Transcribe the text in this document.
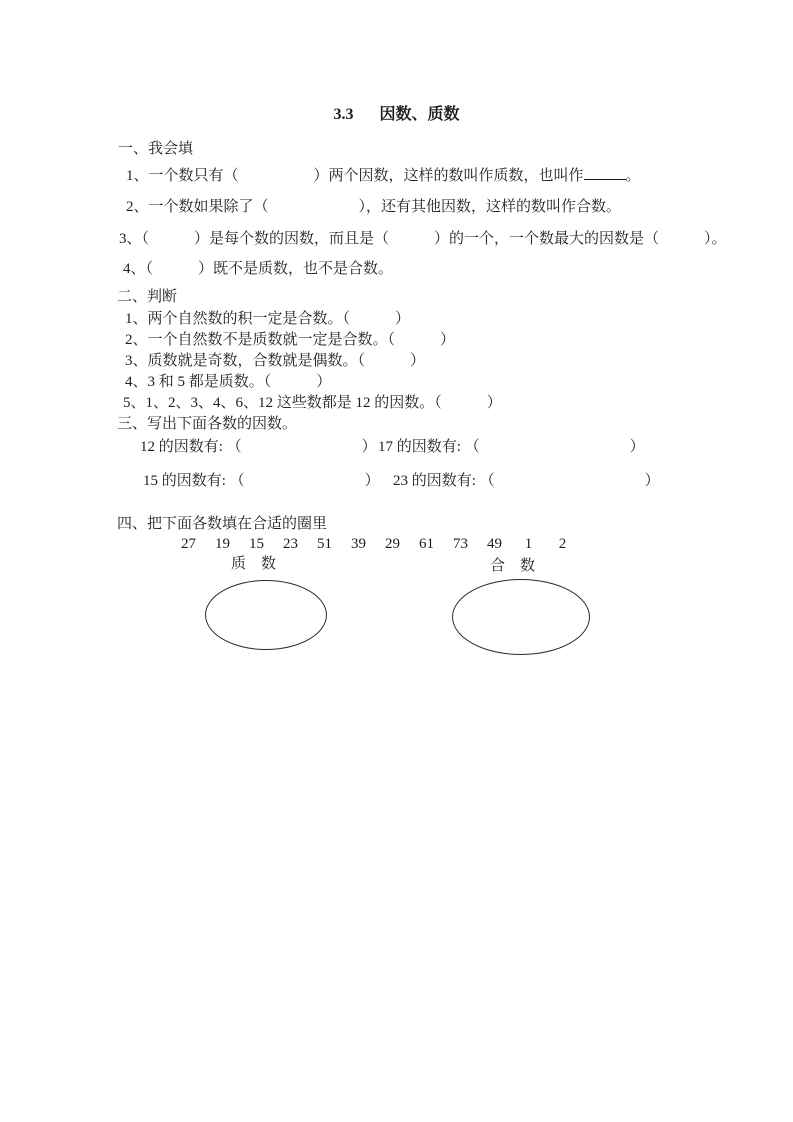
3.3 因数、质数
一、我会填
1、一个数只有（　　　　　）两个因数，这样的数叫作质数，也叫作	。
2、一个数如果除了（　　　　　　），还有其他因数，这样的数叫作合数。
3、（　　　）是每个数的因数，而且是（　　　）的一个，一个数最大的因数是（　　　）。
4、（　　　）既不是质数，也不是合数。
二、判断
1、两个自然数的积一定是合数。（　　　）
2、一个自然数不是质数就一定是合数。（　　　）
3、质数就是奇数，合数就是偶数。（　　　）
4、3 和 5 都是质数。（　　　）
5、1、2、3、4、6、12 这些数都是 12 的因数。（　　　）
三、写出下面各数的因数。
12 的因数有: （　　　　　　　　） 17 的因数有: （　　　　　　　　　　）
15 的因数有: （　　　　　　　　） 23 的因数有: （　　　　　　　　　　）
四、把下面各数填在合适的圈里
27 19 15 23 51 39 29 61 73 49	1	2
质　数	合　数
